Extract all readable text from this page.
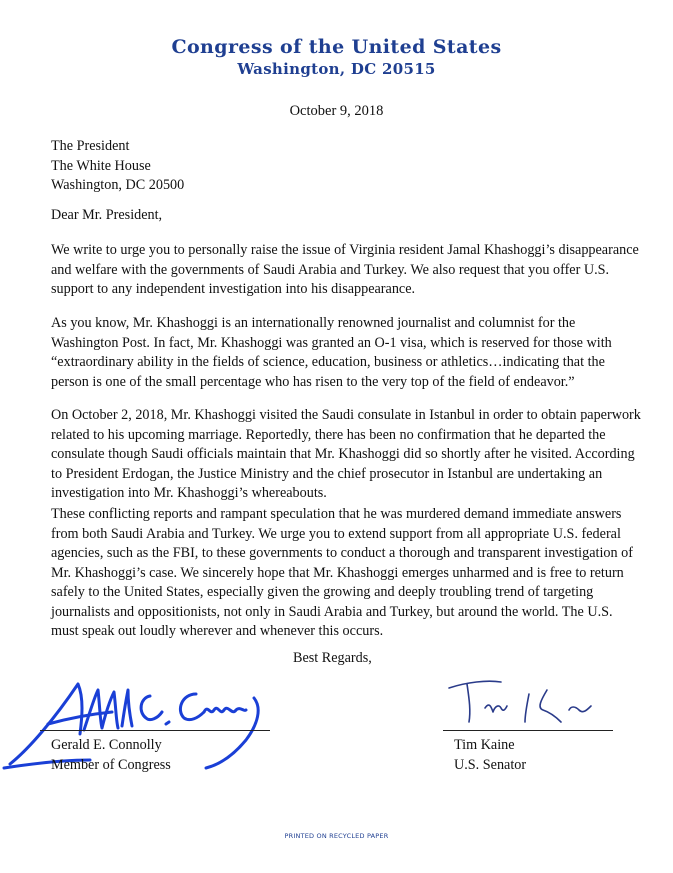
Congress of the United States
Washington, DC 20515
October 9, 2018

The President

The White House

Washington, DC 20500

Dear Mr. President,
We write to urge you to personally raise the issue of Virginia resident Jamal Khashoggi’s disappearance and welfare with the governments of Saudi Arabia and Turkey. We also request that you offer U.S. support to any independent investigation into his disappearance.
As you know, Mr. Khashoggi is an internationally renowned journalist and columnist for the Washington Post. In fact, Mr. Khashoggi was granted an O-1 visa, which is reserved for those with “extraordinary ability in the fields of science, education, business or athletics…indicating that the person is one of the small percentage who has risen to the very top of the field of endeavor.”
On October 2, 2018, Mr. Khashoggi visited the Saudi consulate in Istanbul in order to obtain paperwork related to his upcoming marriage. Reportedly, there has been no confirmation that he departed the consulate though Saudi officials maintain that Mr. Khashoggi did so shortly after he visited. According to President Erdogan, the Justice Ministry and the chief prosecutor in Istanbul are undertaking an investigation into Mr. Khashoggi’s whereabouts.
These conflicting reports and rampant speculation that he was murdered demand immediate answers from both Saudi Arabia and Turkey. We urge you to extend support from all appropriate U.S. federal agencies, such as the FBI, to these governments to conduct a thorough and transparent investigation of Mr. Khashoggi’s case. We sincerely hope that Mr. Khashoggi emerges unharmed and is free to return safely to the United States, especially given the growing and deeply troubling trend of targeting journalists and oppositionists, not only in Saudi Arabia and Turkey, but around the world. The U.S. must speak out loudly wherever and whenever this occurs.
Best Regards,
Gerald E. Connolly
Member of Congress
Tim Kaine
U.S. Senator
PRINTED ON RECYCLED PAPER
